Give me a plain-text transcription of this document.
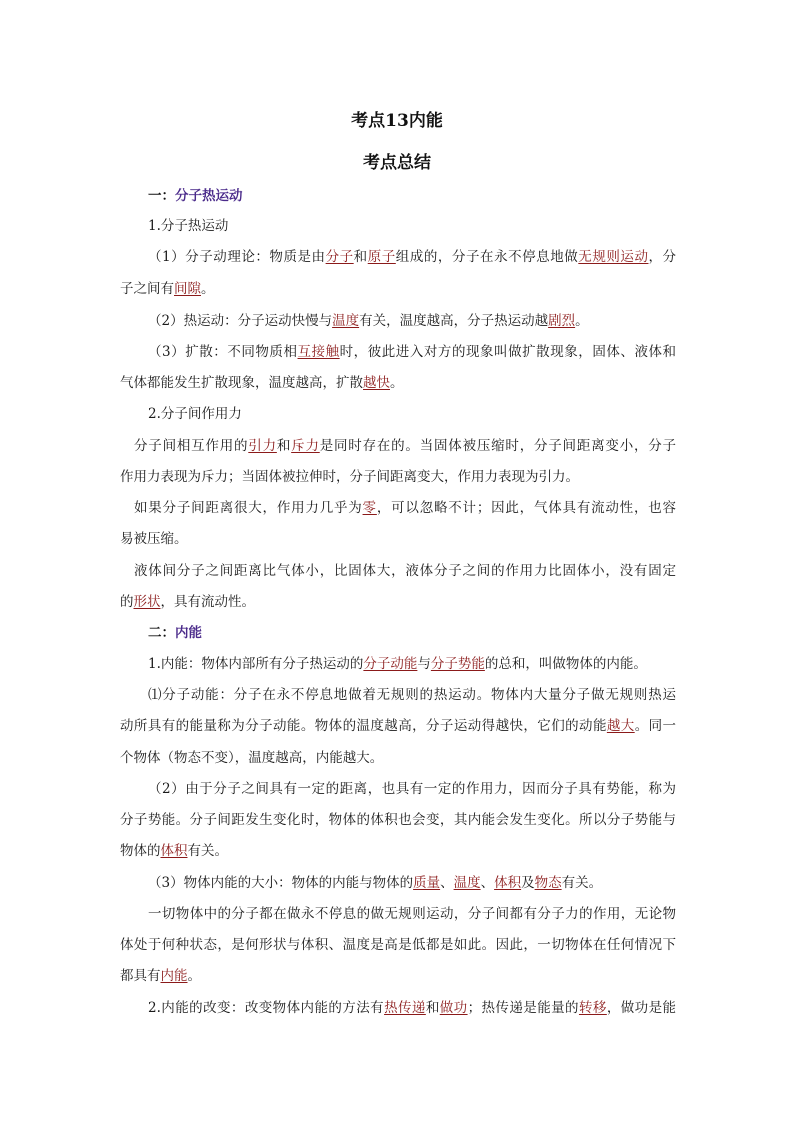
考点13内能
考点总结
一：分子热运动
1.分子热运动
（1）分子动理论：物质是由分子和原子组成的，分子在永不停息地做无规则运动，分
子之间有间隙。
（2）热运动：分子运动快慢与温度有关，温度越高，分子热运动越剧烈。
（3）扩散：不同物质相互接触时，彼此进入对方的现象叫做扩散现象，固体、液体和
气体都能发生扩散现象，温度越高，扩散越快。
2.分子间作用力
分子间相互作用的引力和斥力是同时存在的。当固体被压缩时，分子间距离变小，分子
作用力表现为斥力；当固体被拉伸时，分子间距离变大，作用力表现为引力。
如果分子间距离很大，作用力几乎为零，可以忽略不计；因此，气体具有流动性，也容
易被压缩。
液体间分子之间距离比气体小，比固体大，液体分子之间的作用力比固体小，没有固定
的形状，具有流动性。
二：内能
1.内能：物体内部所有分子热运动的分子动能与分子势能的总和，叫做物体的内能。
⑴分子动能：分子在永不停息地做着无规则的热运动。物体内大量分子做无规则热运
动所具有的能量称为分子动能。物体的温度越高，分子运动得越快，它们的动能越大。同一
个物体（物态不变），温度越高，内能越大。
（2）由于分子之间具有一定的距离，也具有一定的作用力，因而分子具有势能，称为
分子势能。分子间距发生变化时，物体的体积也会变，其内能会发生变化。所以分子势能与
物体的体积有关。
（3）物体内能的大小：物体的内能与物体的质量、温度、体积及物态有关。
一切物体中的分子都在做永不停息的做无规则运动，分子间都有分子力的作用，无论物
体处于何种状态，是何形状与体积、温度是高是低都是如此。因此，一切物体在任何情况下
都具有内能。
2.内能的改变：改变物体内能的方法有热传递和做功；热传递是能量的转移，做功是能
